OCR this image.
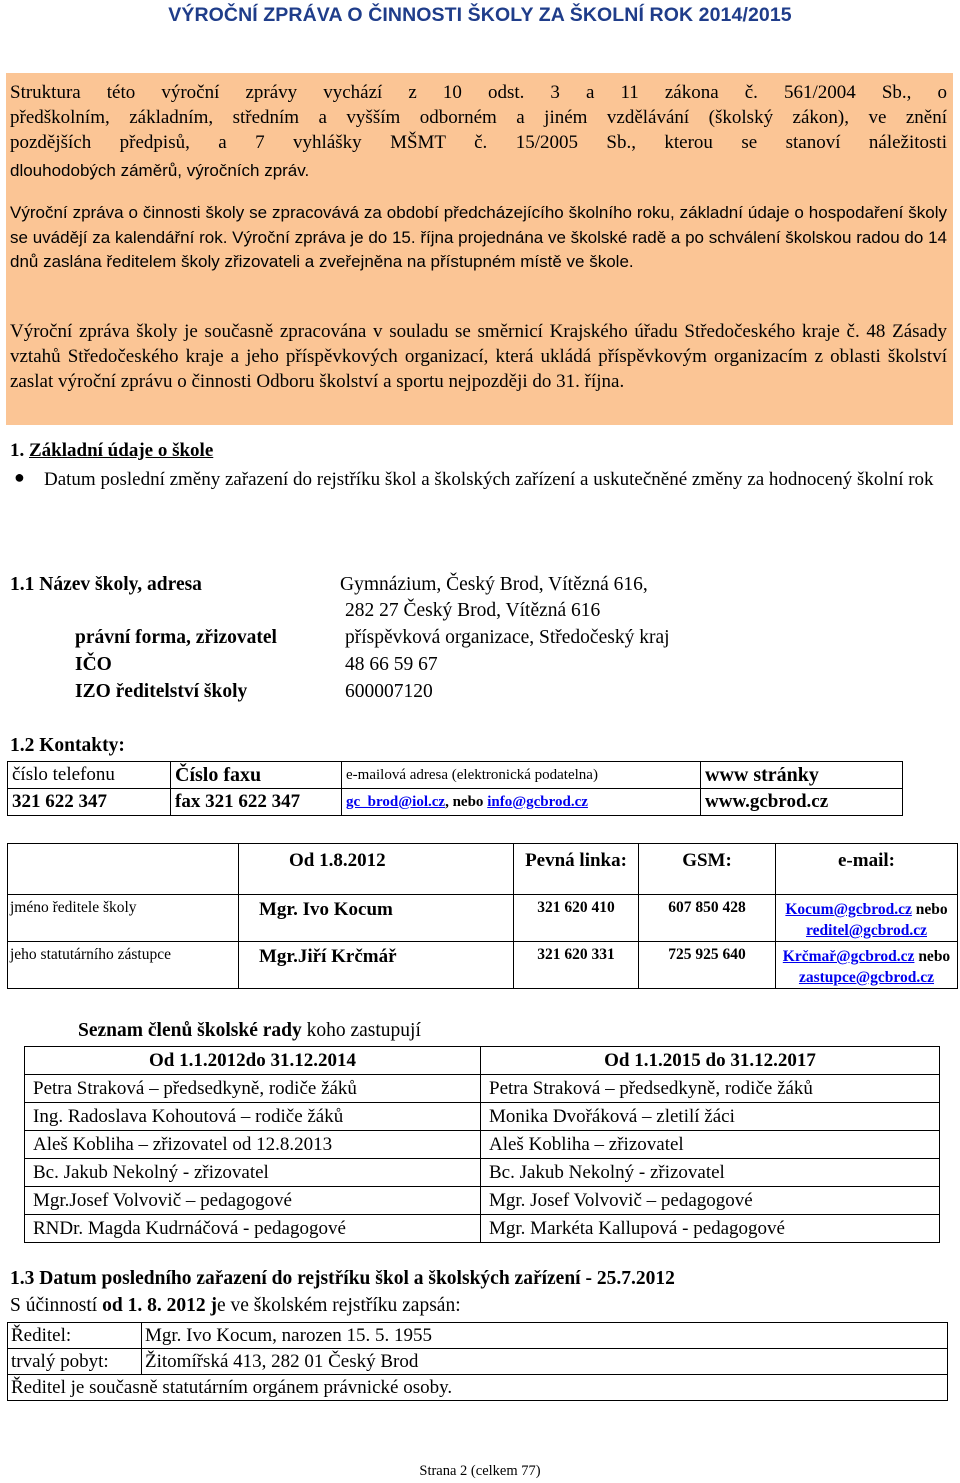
VÝROČNÍ ZPRÁVA O ČINNOSTI ŠKOLY ZA ŠKOLNÍ ROK 2014/2015
Struktura této výroční zprávy vychází z 10 odst. 3 a 11 zákona č. 561/2004 Sb., o
předškolním, základním, středním a vyšším odborném a jiném vzdělávání (školský zákon), ve znění
pozdějších předpisů, a 7 vyhlášky MŠMT č. 15/2005 Sb., kterou se stanoví náležitosti
dlouhodobých záměrů, výročních zpráv.
Výroční zpráva o činnosti školy se zpracovává za období předcházejícího školního roku, základní údaje o hospodaření školy se uvádějí za kalendářní rok. Výroční zpráva je do 15. října projednána ve školské radě a po schválení školskou radou do 14 dnů zaslána ředitelem školy zřizovateli a zveřejněna na přístupném místě ve škole.
Výroční zpráva školy je současně zpracována v souladu se směrnicí Krajského úřadu Středočeského kraje č. 48 Zásady vztahů Středočeského kraje a jeho příspěvkových organizací, která ukládá příspěvkovým organizacím z oblasti školství zaslat výroční zprávu o činnosti Odboru školství a sportu nejpozději do 31. října.
1. Základní údaje o škole
● Datum poslední změny zařazení do rejstříku škol a školských zařízení a uskutečněné změny za hodnocený školní rok
1.1 Název školy, adresa	Gymnázium, Český Brod, Vítězná 616,
282 27 Český Brod, Vítězná 616
právní forma, zřizovatel	příspěvková organizace, Středočeský kraj
IČO	48 66 59 67
IZO ředitelství školy	600007120
1.2 Kontakty:
číslo telefonu	Číslo faxu	e-mailová adresa (elektronická podatelna)	www stránky
321 622 347	fax 321 622 347	gc_brod@iol.cz, nebo info@gcbrod.cz	www.gcbrod.cz
	Od 1.8.2012	Pevná linka:	GSM:	e-mail:
jméno ředitele školy	Mgr. Ivo Kocum	321 620 410	607 850 428	Kocum@gcbrod.cz nebo
reditel@gcbrod.cz
jeho statutárního zástupce	Mgr.Jiří Krčmář	321 620 331	725 925 640	Krčmař@gcbrod.cz nebo
zastupce@gcbrod.cz
Seznam členů školské rady koho zastupují
Od 1.1.2012do 31.12.2014	Od 1.1.2015 do 31.12.2017
Petra Straková – předsedkyně, rodiče žáků	Petra Straková – předsedkyně, rodiče žáků
Ing. Radoslava Kohoutová – rodiče žáků	Monika Dvořáková – zletilí žáci
Aleš Kobliha – zřizovatel od 12.8.2013	Aleš Kobliha – zřizovatel
Bc. Jakub Nekolný - zřizovatel	Bc. Jakub Nekolný - zřizovatel
Mgr.Josef Volvovič – pedagogové	Mgr. Josef Volvovič – pedagogové
RNDr. Magda Kudrnáčová - pedagogové	Mgr. Markéta Kallupová - pedagogové
1.3 Datum posledního zařazení do rejstříku škol a školských zařízení - 25.7.2012
S účinností od 1. 8. 2012 je ve školském rejstříku zapsán:
Ředitel:	Mgr. Ivo Kocum, narozen 15. 5. 1955
trvalý pobyt:	Žitomířská 413, 282 01 Český Brod
Ředitel je současně statutárním orgánem právnické osoby.	
Strana 2 (celkem 77)
